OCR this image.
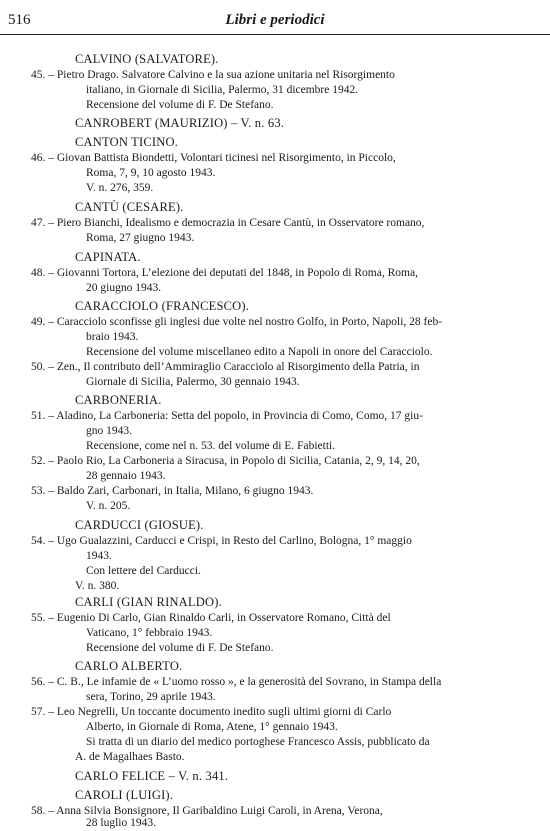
516	Libri e periodici
CALVINO (SALVATORE).
45. – Pietro Drago. Salvatore Calvino e la sua azione unitaria nel Risorgimento
italiano, in Giornale di Sicilia, Palermo, 31 dicembre 1942.
Recensione del volume di F. De Stefano.
CANROBERT (MAURIZIO) – V. n. 63.
CANTON TICINO.
46. – Giovan Battista Biondetti, Volontari ticinesi nel Risorgimento, in Piccolo,
Roma, 7, 9, 10 agosto 1943.
V. n. 276, 359.
CANTÙ (CESARE).
47. – Piero Bianchi, Idealismo e democrazia in Cesare Cantù, in Osservatore romano,
Roma, 27 giugno 1943.
CAPINATA.
48. – Giovanni Tortora, L’elezione dei deputati del 1848, in Popolo di Roma, Roma,
20 giugno 1943.
CARACCIOLO (FRANCESCO).
49. – Caracciolo sconfisse gli inglesi due volte nel nostro Golfo, in Porto, Napoli, 28 feb-
braio 1943.
Recensione del volume miscellaneo edito a Napoli in onore del Caracciolo.
50. – Zen., Il contributo dell’Ammiraglio Caracciolo al Risorgimento della Patria, in
Giornale di Sicilia, Palermo, 30 gennaio 1943.
CARBONERIA.
51. – Aladino, La Carboneria: Setta del popolo, in Provincia di Como, Como, 17 giu-
gno 1943.
Recensione, come nel n. 53. del volume di E. Fabietti.
52. – Paolo Rio, La Carboneria a Siracusa, in Popolo di Sicilia, Catania, 2, 9, 14, 20,
28 gennaio 1943.
53. – Baldo Zari, Carbonari, in Italia, Milano, 6 giugno 1943.
V. n. 205.
CARDUCCI (GIOSUE).
54. – Ugo Gualazzini, Carducci e Crispi, in Resto del Carlino, Bologna, 1° maggio
1943.
Con lettere del Carducci.
V. n. 380.
CARLI (GIAN RINALDO).
55. – Eugenio Di Carlo, Gian Rinaldo Carli, in Osservatore Romano, Città del
Vaticano, 1° febbraio 1943.
Recensione del volume di F. De Stefano.
CARLO ALBERTO.
56. – C. B., Le infamie de « L’uomo rosso », e la generosità del Sovrano, in Stampa della
sera, Torino, 29 aprile 1943.
57. – Leo Negrelli, Un toccante documento inedito sugli ultimi giorni di Carlo
Alberto, in Giornale di Roma, Atene, 1° gennaio 1943.
Si tratta di un diario del medico portoghese Francesco Assis, pubblicato da
A. de Magalhaes Basto.
CARLO FELICE – V. n. 341.
CAROLI (LUIGI).
58. – Anna Silvia Bonsignore, Il Garibaldino Luigi Caroli, in Arena, Verona,
28 luglio 1943.
